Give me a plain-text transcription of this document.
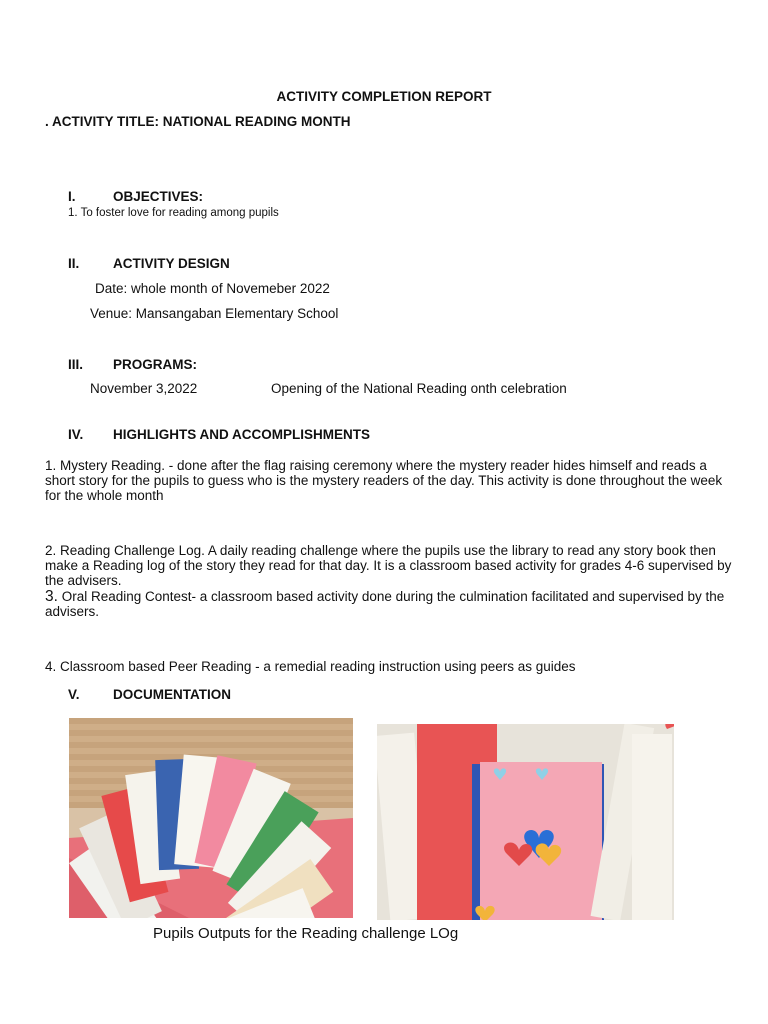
ACTIVITY COMPLETION REPORT
. ACTIVITY TITLE: NATIONAL READING MONTH
I.	OBJECTIVES:
1. To foster love for reading among pupils
II. ACTIVITY DESIGN
Date: whole month of Novemeber 2022
Venue: Mansangaban Elementary School
III. PROGRAMS:
November 3,2022	Opening of the National Reading onth celebration
IV. HIGHLIGHTS AND ACCOMPLISHMENTS
1. Mystery Reading. - done after the flag raising ceremony where the mystery reader hides himself and reads a short story for the pupils to guess who is the mystery readers of the day. This activity is done throughout the week for the whole month
2. Reading Challenge Log. A daily reading challenge where the pupils use the library to read any story book then make a Reading log of the story they read for that day. It is a classroom based activity for grades 4-6 supervised by the advisers.
3. Oral Reading Contest- a classroom based activity done during the culmination facilitated and supervised by the advisers.
4. Classroom based Peer Reading - a remedial reading instruction using peers as guides
V. DOCUMENTATION
Pupils Outputs for the Reading challenge LOg
